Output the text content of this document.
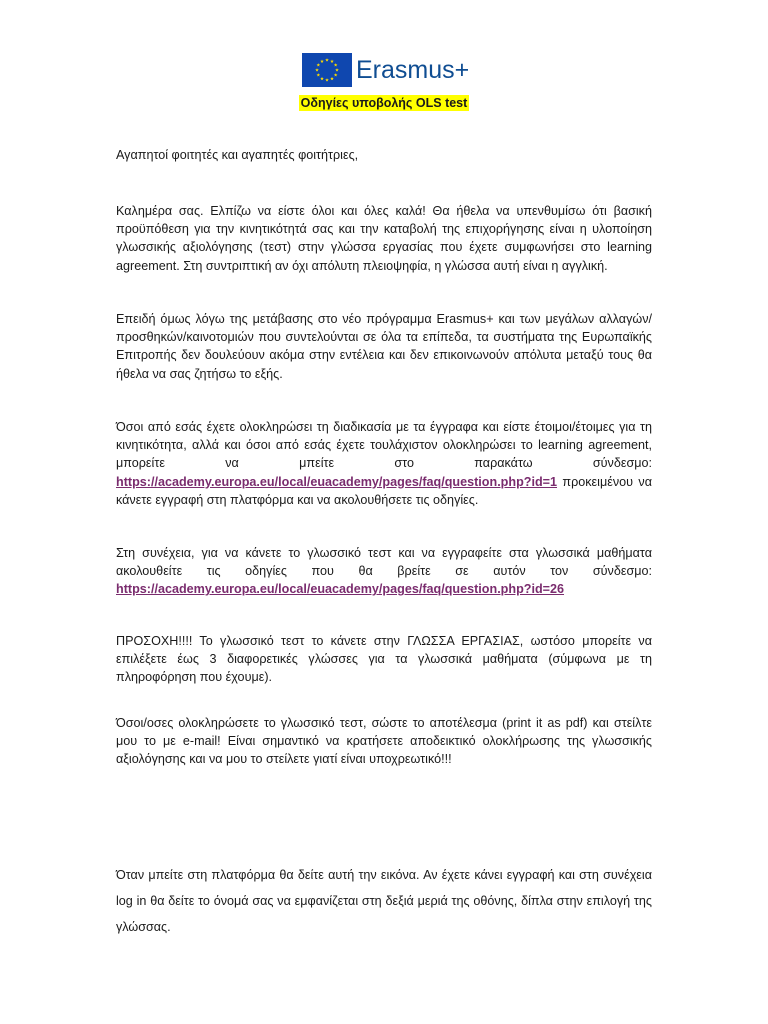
Erasmus+
Οδηγίες υποβολής OLS test

Αγαπητοί φοιτητές και αγαπητές φοιτήτριες,

Καλημέρα σας. Ελπίζω να είστε όλοι και όλες καλά! Θα ήθελα να υπενθυμίσω ότι βασική προϋπόθεση για την κινητικότητά σας και την καταβολή της επιχορήγησης είναι η υλοποίηση γλωσσικής αξιολόγησης (τεστ) στην γλώσσα εργασίας που έχετε συμφωνήσει στο learning agreement. Στη συντριπτική αν όχι απόλυτη πλειοψηφία, η γλώσσα αυτή είναι η αγγλική.

Επειδή όμως λόγω της μετάβασης στο νέο πρόγραμμα Erasmus+ και των μεγάλων αλλαγών/προσθηκών/καινοτομιών που συντελούνται σε όλα τα επίπεδα, τα συστήματα της Ευρωπαϊκής Επιτροπής δεν δουλεύουν ακόμα στην εντέλεια και δεν επικοινωνούν απόλυτα μεταξύ τους θα ήθελα να σας ζητήσω το εξής.

Όσοι από εσάς έχετε ολοκληρώσει τη διαδικασία με τα έγγραφα και είστε έτοιμοι/έτοιμες για τη κινητικότητα, αλλά και όσοι από εσάς έχετε τουλάχιστον ολοκληρώσει το learning agreement, μπορείτε να μπείτε στο παρακάτω σύνδεσμο: https://academy.europa.eu/local/euacademy/pages/faq/question.php?id=1 προκειμένου να κάνετε εγγραφή στη πλατφόρμα και να ακολουθήσετε τις οδηγίες.

Στη συνέχεια, για να κάνετε το γλωσσικό τεστ και να εγγραφείτε στα γλωσσικά μαθήματα ακολουθείτε τις οδηγίες που θα βρείτε σε αυτόν τον σύνδεσμο: https://academy.europa.eu/local/euacademy/pages/faq/question.php?id=26

ΠΡΟΣΟΧΗ!!!! Το γλωσσικό τεστ το κάνετε στην ΓΛΩΣΣΑ ΕΡΓΑΣΙΑΣ, ωστόσο μπορείτε να επιλέξετε έως 3 διαφορετικές γλώσσες για τα γλωσσικά μαθήματα (σύμφωνα με τη πληροφόρηση που έχουμε).

Όσοι/οσες ολοκληρώσετε το γλωσσικό τεστ, σώστε το αποτέλεσμα (print it as pdf) και στείλτε μου το με e-mail! Είναι σημαντικό να κρατήσετε αποδεικτικό ολοκλήρωσης της γλωσσικής αξιολόγησης και να μου το στείλετε γιατί είναι υποχρεωτικό!!!

Όταν μπείτε στη πλατφόρμα θα δείτε αυτή την εικόνα. Αν έχετε κάνει εγγραφή και στη συνέχεια log in θα δείτε το όνομά σας να εμφανίζεται στη δεξιά μεριά της οθόνης, δίπλα στην επιλογή της γλώσσας.
